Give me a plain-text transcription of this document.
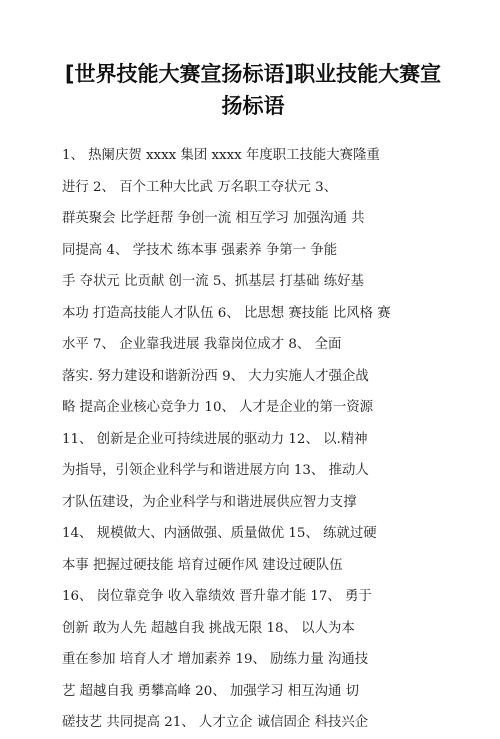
[世界技能大赛宣扬标语]职业技能大赛宣
扬标语
1、 热阑庆贺 xxxx 集团 xxxx 年度职工技能大赛隆重
进行 2、 百个工种大比武 万名职工夺状元 3、
群英聚会 比学赶帮 争创一流 相互学习 加强沟通 共
同提高 4、 学技术 练本事 强素养 争第一 争能
手 夺状元 比贡献 创一流 5、抓基层 打基础 练好基
本功 打造高技能人才队伍 6、 比思想 赛技能 比风格 赛
水平 7、 企业靠我进展 我靠岗位成才 8、 全面
落实. 努力建设和谐新汾西 9、 大力实施人才强企战
略 提高企业核心竞争力 10、 人才是企业的第一资源
11、 创新是企业可持续进展的驱动力 12、 以.精神
为指导，引领企业科学与和谐进展方向 13、 推动人
才队伍建设，为企业科学与和谐进展供应智力支撑
14、 规模做大、内涵做强、质量做优 15、 练就过硬
本事 把握过硬技能 培育过硬作风 建设过硬队伍
16、 岗位靠竞争 收入靠绩效 晋升靠才能 17、 勇于
创新 敢为人先 超越自我 挑战无限 18、 以人为本
重在参加 培育人才 增加素养 19、 励练力量 沟通技
艺 超越自我 勇攀高峰 20、 加强学习 相互沟通 切
磋技艺 共同提高 21、 人才立企 诚信固企 科技兴企
